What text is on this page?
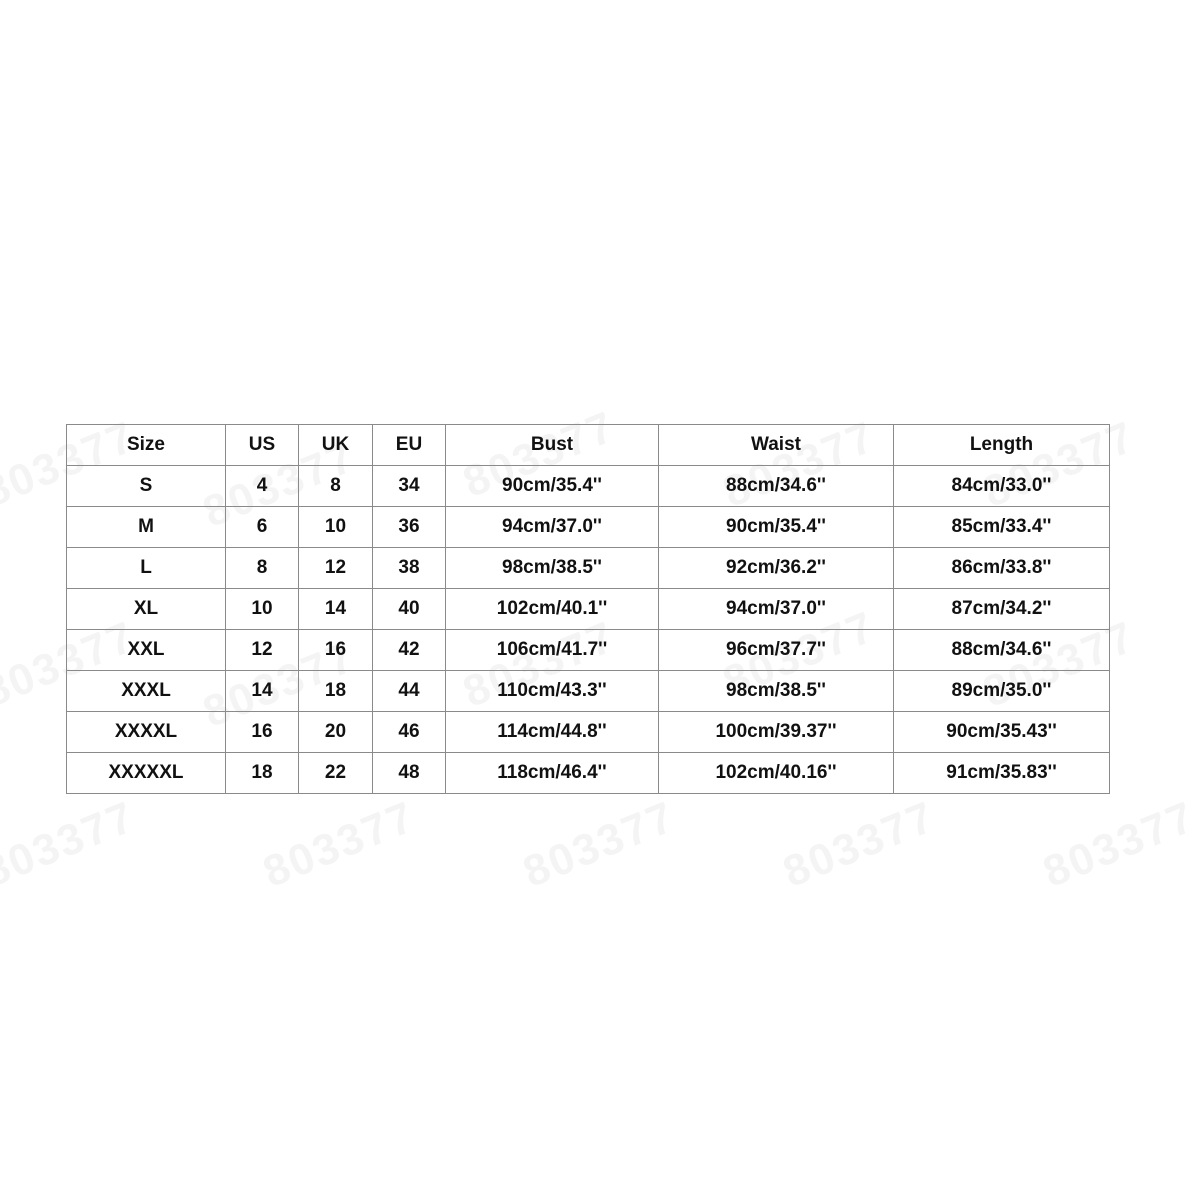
Size	US	UK	EU	Bust	Waist	Length
S	4	8	34	90cm/35.4''	88cm/34.6''	84cm/33.0''
M	6	10	36	94cm/37.0''	90cm/35.4''	85cm/33.4''
L	8	12	38	98cm/38.5''	92cm/36.2''	86cm/33.8''
XL	10	14	40	102cm/40.1''	94cm/37.0''	87cm/34.2''
XXL	12	16	42	106cm/41.7''	96cm/37.7''	88cm/34.6''
XXXL	14	18	44	110cm/43.3''	98cm/38.5''	89cm/35.0''
XXXXL	16	20	46	114cm/44.8''	100cm/39.37''	90cm/35.43''
XXXXXL	18	22	48	118cm/46.4''	102cm/40.16''	91cm/35.83''
